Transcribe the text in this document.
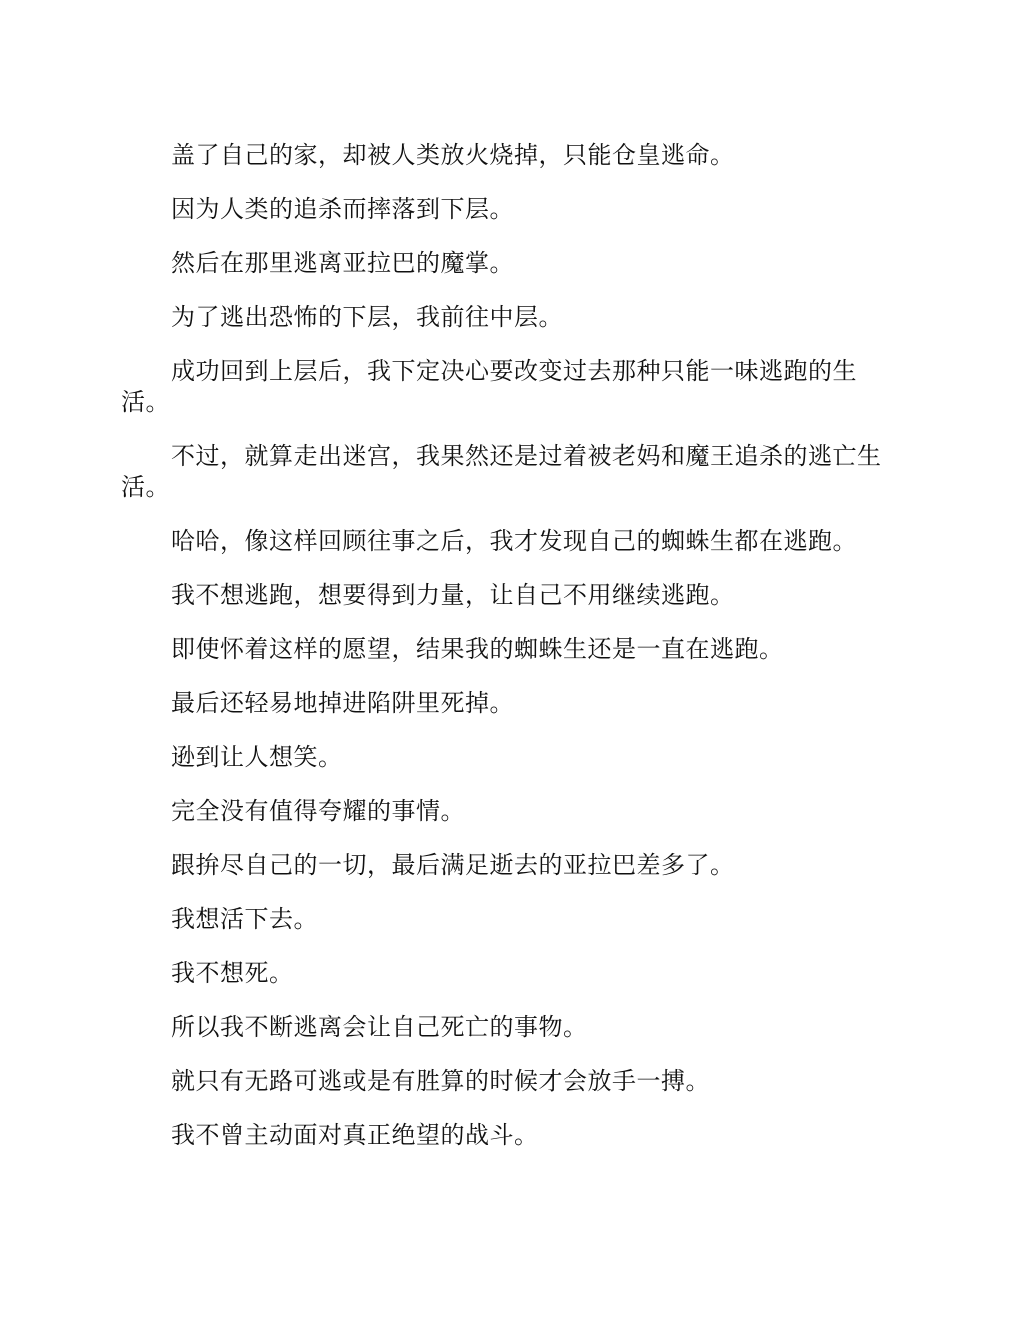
盖了自己的家，却被人类放火烧掉，只能仓皇逃命。

因为人类的追杀而摔落到下层。

然后在那里逃离亚拉巴的魔掌。

为了逃出恐怖的下层，我前往中层。

成功回到上层后，我下定决心要改变过去那种只能一味逃跑的生活。

不过，就算走出迷宫，我果然还是过着被老妈和魔王追杀的逃亡生活。

哈哈，像这样回顾往事之后，我才发现自己的蜘蛛生都在逃跑。

我不想逃跑，想要得到力量，让自己不用继续逃跑。

即使怀着这样的愿望，结果我的蜘蛛生还是一直在逃跑。

最后还轻易地掉进陷阱里死掉。

逊到让人想笑。

完全没有值得夸耀的事情。

跟拚尽自己的一切，最后满足逝去的亚拉巴差多了。

我想活下去。

我不想死。

所以我不断逃离会让自己死亡的事物。

就只有无路可逃或是有胜算的时候才会放手一搏。

我不曾主动面对真正绝望的战斗。
